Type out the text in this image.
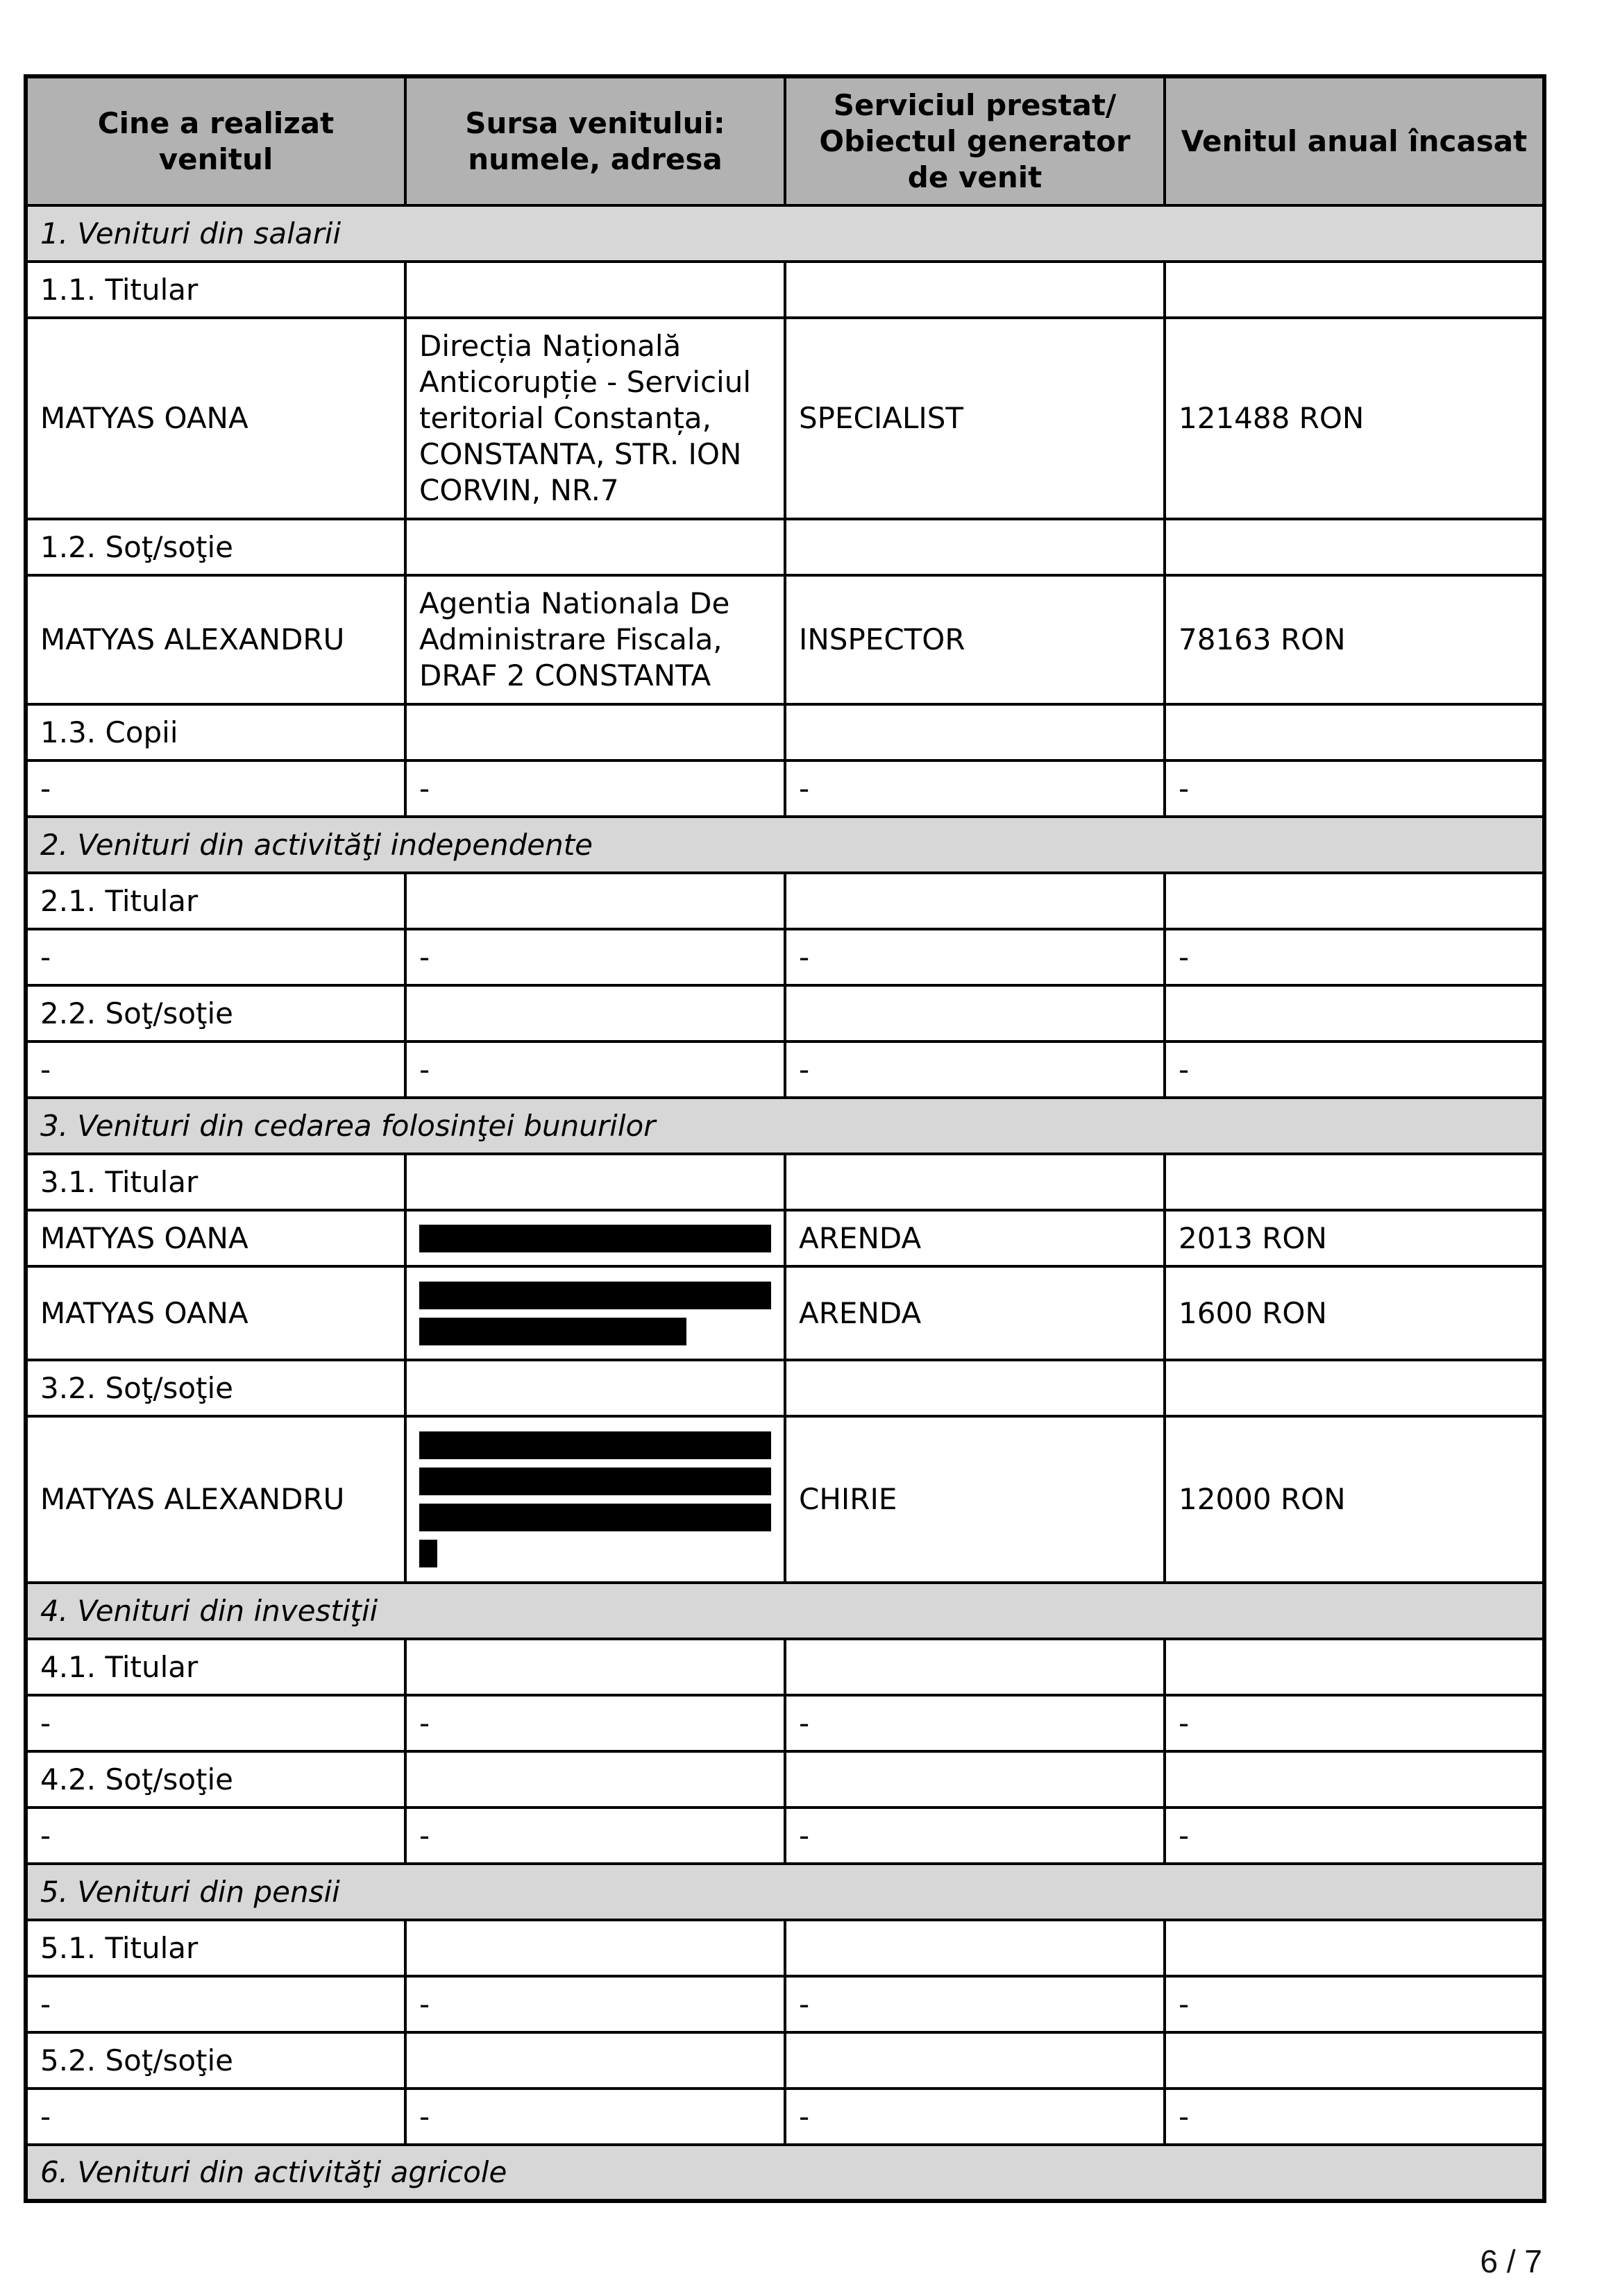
Cine a realizat venitul	Sursa venitului: numele, adresa	Serviciul prestat/ Obiectul generator de venit	Venitul anual încasat
1. Venituri din salarii			
1.1. Titular			
MATYAS OANA	Direcția Națională Anticorupție - Serviciul teritorial Constanța, CONSTANTA, STR. ION CORVIN, NR.7	SPECIALIST	121488 RON
1.2. Soţ/soţie			
MATYAS ALEXANDRU	Agentia Nationala De Administrare Fiscala, DRAF 2 CONSTANTA	INSPECTOR	78163 RON
1.3. Copii			
-	-	-	-
2. Venituri din activităţi independente			
2.1. Titular			
-	-	-	-
2.2. Soţ/soţie			
-	-	-	-
3. Venituri din cedarea folosinţei bunurilor			
3.1. Titular			
MATYAS OANA		ARENDA	2013 RON
MATYAS OANA		ARENDA	1600 RON
3.2. Soţ/soţie			
MATYAS ALEXANDRU		CHIRIE	12000 RON
4. Venituri din investiţii			
4.1. Titular			
-	-	-	-
4.2. Soţ/soţie			
-	-	-	-
5. Venituri din pensii			
5.1. Titular			
-	-	-	-
5.2. Soţ/soţie			
-	-	-	-
6. Venituri din activităţi agricole			
6 / 7
